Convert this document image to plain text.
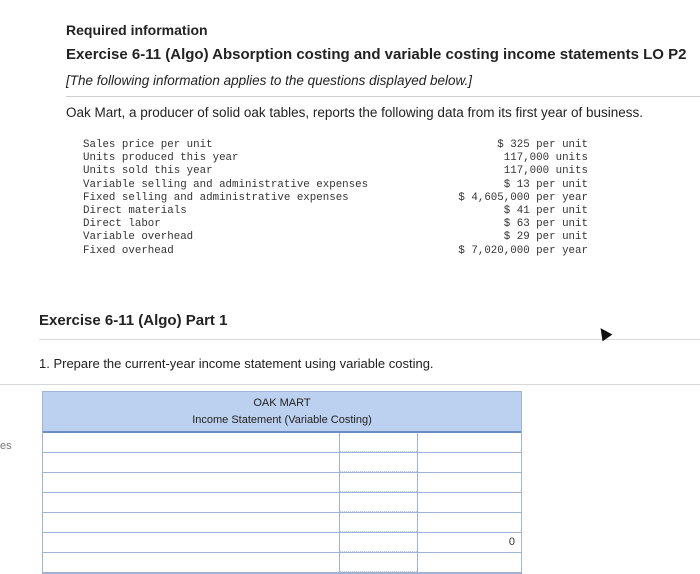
es
Required information
Exercise 6-11 (Algo) Absorption costing and variable costing income statements LO P2
[The following information applies to the questions displayed below.]
Oak Mart, a producer of solid oak tables, reports the following data from its first year of business.
Sales price per unit	$ 325 per unit
Units produced this year	117,000 units
Units sold this year	117,000 units
Variable selling and administrative expenses	$ 13 per unit
Fixed selling and administrative expenses	$ 4,605,000 per year
Direct materials	$ 41 per unit
Direct labor	$ 63 per unit
Variable overhead	$ 29 per unit
Fixed overhead	$ 7,020,000 per year
Exercise 6-11 (Algo) Part 1
1. Prepare the current-year income statement using variable costing.
OAK MART
Income Statement (Variable Costing)
0
